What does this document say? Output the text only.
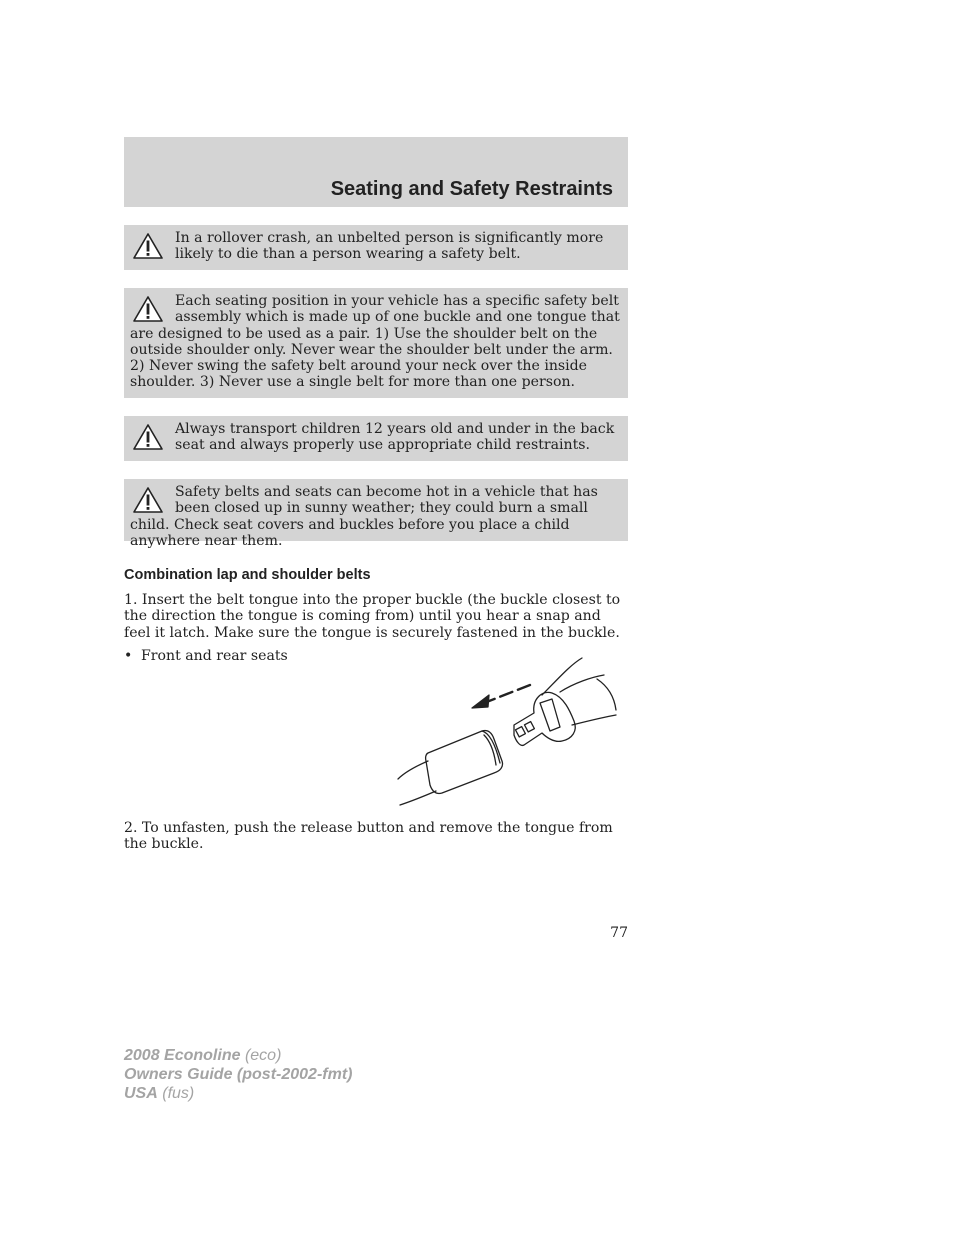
Seating and Safety Restraints
In a rollover crash, an unbelted person is significantly more likely to die than a person wearing a safety belt.
Each seating position in your vehicle has a specific safety belt assembly which is made up of one buckle and one tongue that are designed to be used as a pair. 1) Use the shoulder belt on the outside shoulder only. Never wear the shoulder belt under the arm. 2) Never swing the safety belt around your neck over the inside shoulder. 3) Never use a single belt for more than one person.
Always transport children 12 years old and under in the back seat and always properly use appropriate child restraints.
Safety belts and seats can become hot in a vehicle that has been closed up in sunny weather; they could burn a small child. Check seat covers and buckles before you place a child anywhere near them.
Combination lap and shoulder belts
1. Insert the belt tongue into the proper buckle (the buckle closest to the direction the tongue is coming from) until you hear a snap and feel it latch. Make sure the tongue is securely fastened in the buckle.
• Front and rear seats
2. To unfasten, push the release button and remove the tongue from the buckle.
77
2008 Econoline (eco)
Owners Guide (post-2002-fmt)
USA (fus)
